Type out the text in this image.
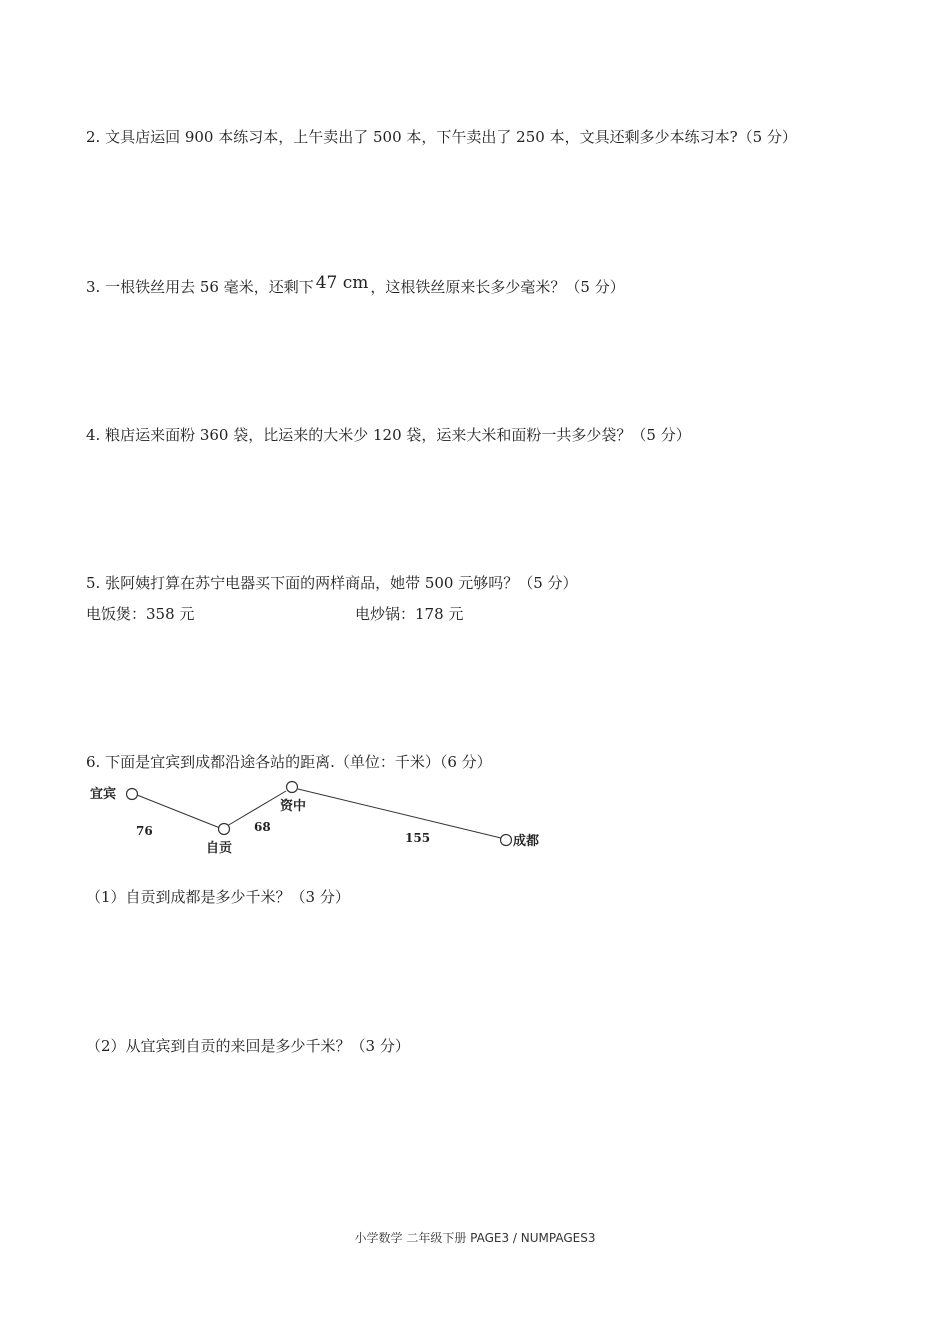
2. 文具店运回 900 本练习本，上午卖出了 500 本，下午卖出了 250 本，文具还剩多少本练习本?（5 分）
3. 一根铁丝用去 56 毫米，还剩下 47 cm ，这根铁丝原来长多少毫米？（5 分）
4. 粮店运来面粉 360 袋，比运来的大米少 120 袋，运来大米和面粉一共多少袋？（5 分）
5. 张阿姨打算在苏宁电器买下面的两样商品，她带 500 元够吗？（5 分）
电饭煲：358 元	电炒锅：178 元
6. 下面是宜宾到成都沿途各站的距离.（单位：千米）（6 分）
宜宾
自贡
资中
成都
76	68
155
（1）自贡到成都是多少千米？（3 分）
（2）从宜宾到自贡的来回是多少千米？（3 分）
小学数学 二年级下册 PAGE3 / NUMPAGES3
